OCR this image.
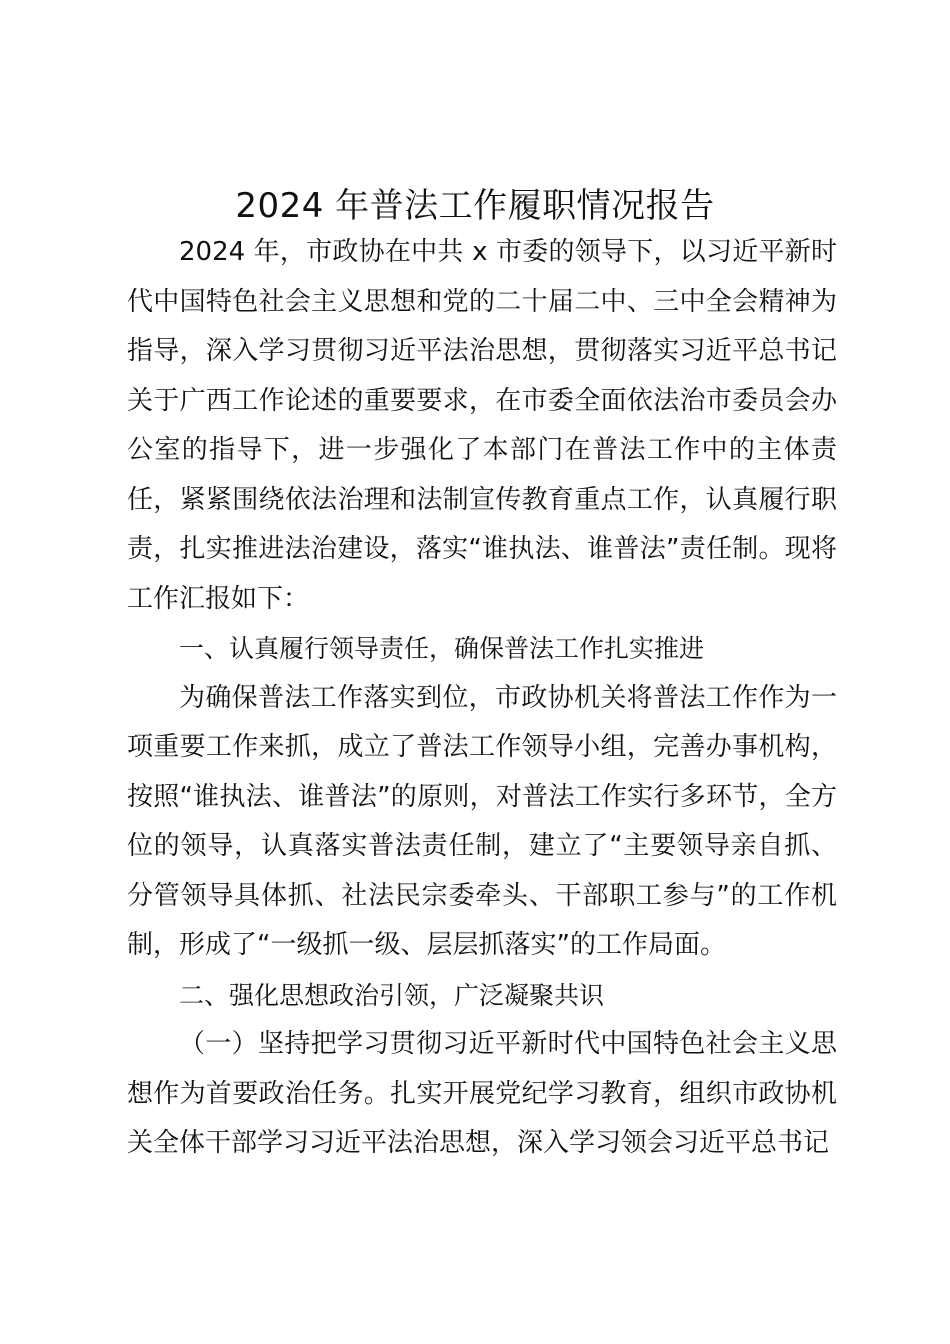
2024 年普法工作履职情况报告

2024 年，市政协在中共 x 市委的领导下，以习近平新时代中国特色社会主义思想和党的二十届二中、三中全会精神为指导，深入学习贯彻习近平法治思想，贯彻落实习近平总书记关于广西工作论述的重要要求，在市委全面依法治市委员会办公室的指导下，进一步强化了本部门在普法工作中的主体责任，紧紧围绕依法治理和法制宣传教育重点工作，认真履行职责，扎实推进法治建设，落实“谁执法、谁普法”责任制。现将工作汇报如下：

一、认真履行领导责任，确保普法工作扎实推进

为确保普法工作落实到位，市政协机关将普法工作作为一项重要工作来抓，成立了普法工作领导小组，完善办事机构，按照“谁执法、谁普法”的原则，对普法工作实行多环节，全方位的领导，认真落实普法责任制，建立了“主要领导亲自抓、分管领导具体抓、社法民宗委牵头、干部职工参与”的工作机制，形成了“一级抓一级、层层抓落实”的工作局面。

二、强化思想政治引领，广泛凝聚共识

（一）坚持把学习贯彻习近平新时代中国特色社会主义思想作为首要政治任务。扎实开展党纪学习教育，组织市政协机关全体干部学习习近平法治思想，深入学习领会习近平总书记
